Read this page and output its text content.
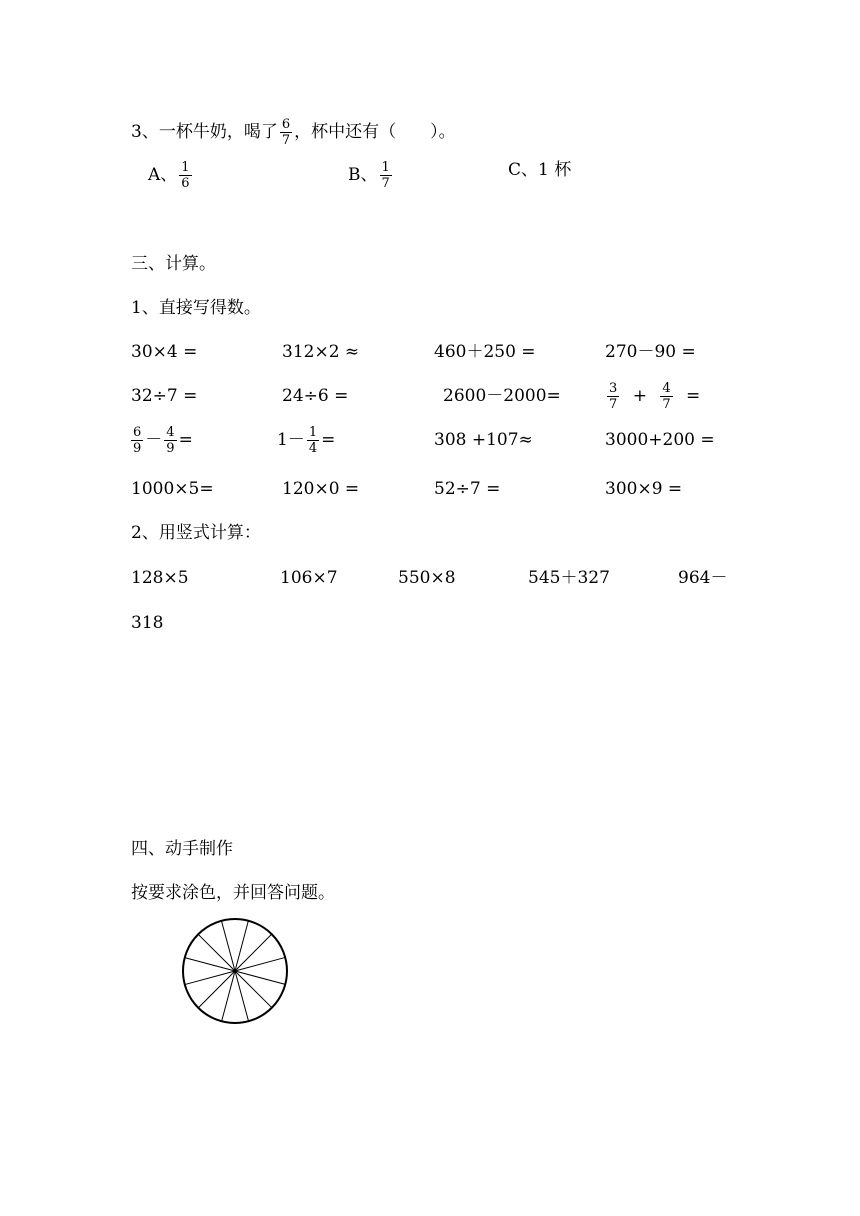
3、一杯牛奶，喝了 $\frac{6}{7}$ ，杯中还有（　　）。
A、 $\frac{1}{6}$	B、 $\frac{1}{7}$	C、1 杯
三、计算。
1、直接写得数。
30×4 =	312×2 ≈	460＋250 =	270－90 =
32÷7 =	24÷6 =	2600－2000=	$\frac{3}{7} + \frac{4}{7}$ =
$\frac{6}{9} - \frac{4}{9}$ =	$1- \frac{1}{4}$ =	308 +107≈	3000+200 =
1000×5=	120×0 =	52÷7 =	300×9 =
2、用竖式计算：
128×5	106×7	550×8	545＋327	964－
318
四、动手制作
按要求涂色，并回答问题。
